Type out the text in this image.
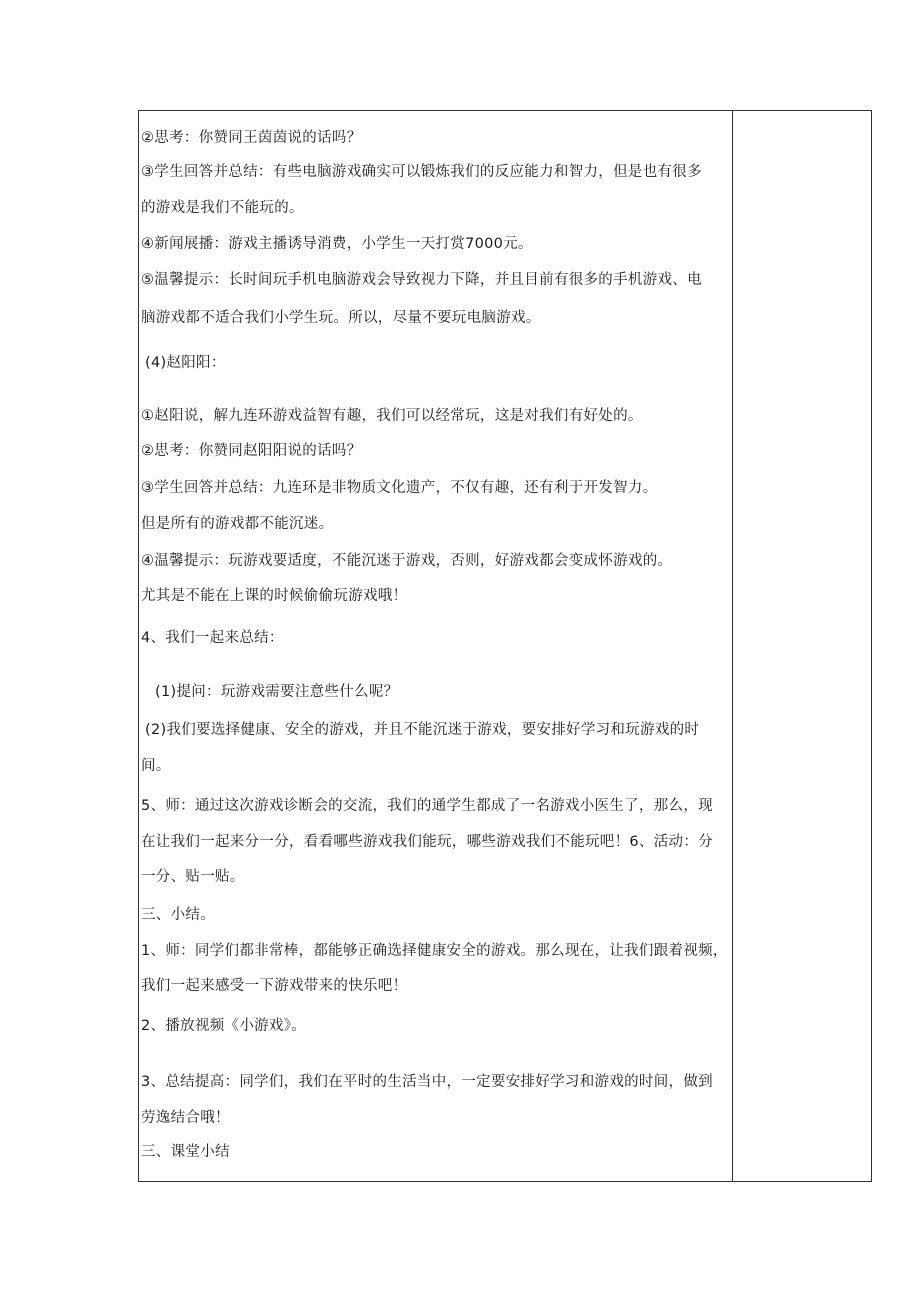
②思考：你赞同王茵茵说的话吗？
③学生回答并总结：有些电脑游戏确实可以锻炼我们的反应能力和智力，但是也有很多
的游戏是我们不能玩的。
④新闻展播：游戏主播诱导消费，小学生一天打赏7000元。
⑤温馨提示：长时间玩手机电脑游戏会导致视力下降，并且目前有很多的手机游戏、电
脑游戏都不适合我们小学生玩。所以，尽量不要玩电脑游戏。
(4)赵阳阳：
①赵阳说，解九连环游戏益智有趣，我们可以经常玩，这是对我们有好处的。
②思考：你赞同赵阳阳说的话吗？
③学生回答并总结：九连环是非物质文化遗产，不仅有趣，还有利于开发智力。
但是所有的游戏都不能沉迷。
④温馨提示：玩游戏要适度，不能沉迷于游戏，否则，好游戏都会变成怀游戏的。
尤其是不能在上课的时候偷偷玩游戏哦！
4、我们一起来总结：
(1)提问：玩游戏需要注意些什么呢？
(2)我们要选择健康、安全的游戏，并且不能沉迷于游戏，要安排好学习和玩游戏的时
间。
5、师：通过这次游戏诊断会的交流，我们的通学生都成了一名游戏小医生了，那么，现
在让我们一起来分一分，看看哪些游戏我们能玩，哪些游戏我们不能玩吧！6、活动：分
一分、贴一贴。
三、小结。
1、师：同学们都非常棒，都能够正确选择健康安全的游戏。那么现在，让我们跟着视频，
我们一起来感受一下游戏带来的快乐吧！
2、播放视频《小游戏》。
3、总结提高：同学们，我们在平时的生活当中，一定要安排好学习和游戏的时间，做到
劳逸结合哦！
三、课堂小结
